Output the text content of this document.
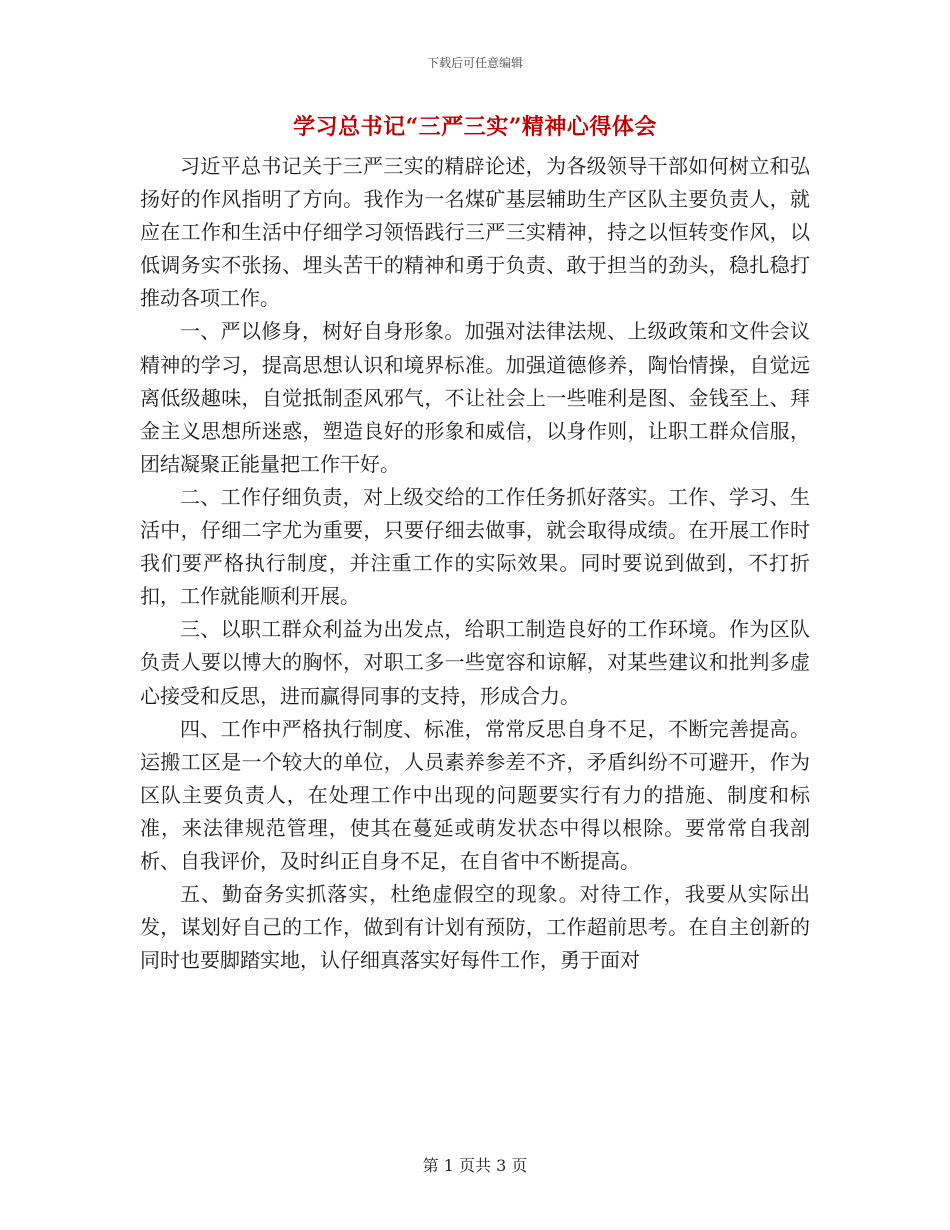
下载后可任意编辑
学习总书记“三严三实”精神心得体会

习近平总书记关于三严三实的精辟论述，为各级领导干部如何树立和弘扬好的作风指明了方向。我作为一名煤矿基层辅助生产区队主要负责人，就应在工作和生活中仔细学习领悟践行三严三实精神，持之以恒转变作风，以低调务实不张扬、埋头苦干的精神和勇于负责、敢于担当的劲头，稳扎稳打推动各项工作。

一、严以修身，树好自身形象。加强对法律法规、上级政策和文件会议精神的学习，提高思想认识和境界标准。加强道德修养，陶怡情操，自觉远离低级趣味，自觉抵制歪风邪气，不让社会上一些唯利是图、金钱至上、拜金主义思想所迷惑，塑造良好的形象和威信，以身作则，让职工群众信服，团结凝聚正能量把工作干好。

二、工作仔细负责，对上级交给的工作任务抓好落实。工作、学习、生活中，仔细二字尤为重要，只要仔细去做事，就会取得成绩。在开展工作时我们要严格执行制度，并注重工作的实际效果。同时要说到做到，不打折扣，工作就能顺利开展。

三、以职工群众利益为出发点，给职工制造良好的工作环境。作为区队负责人要以博大的胸怀，对职工多一些宽容和谅解，对某些建议和批判多虚心接受和反思，进而赢得同事的支持，形成合力。

四、工作中严格执行制度、标准，常常反思自身不足，不断完善提高。运搬工区是一个较大的单位，人员素养参差不齐，矛盾纠纷不可避开，作为区队主要负责人，在处理工作中出现的问题要实行有力的措施、制度和标准，来法律规范管理，使其在蔓延或萌发状态中得以根除。要常常自我剖析、自我评价，及时纠正自身不足，在自省中不断提高。

五、勤奋务实抓落实，杜绝虚假空的现象。对待工作，我要从实际出发，谋划好自己的工作，做到有计划有预防，工作超前思考。在自主创新的同时也要脚踏实地，认仔细真落实好每件工作，勇于面对

第 1 页共 3 页
